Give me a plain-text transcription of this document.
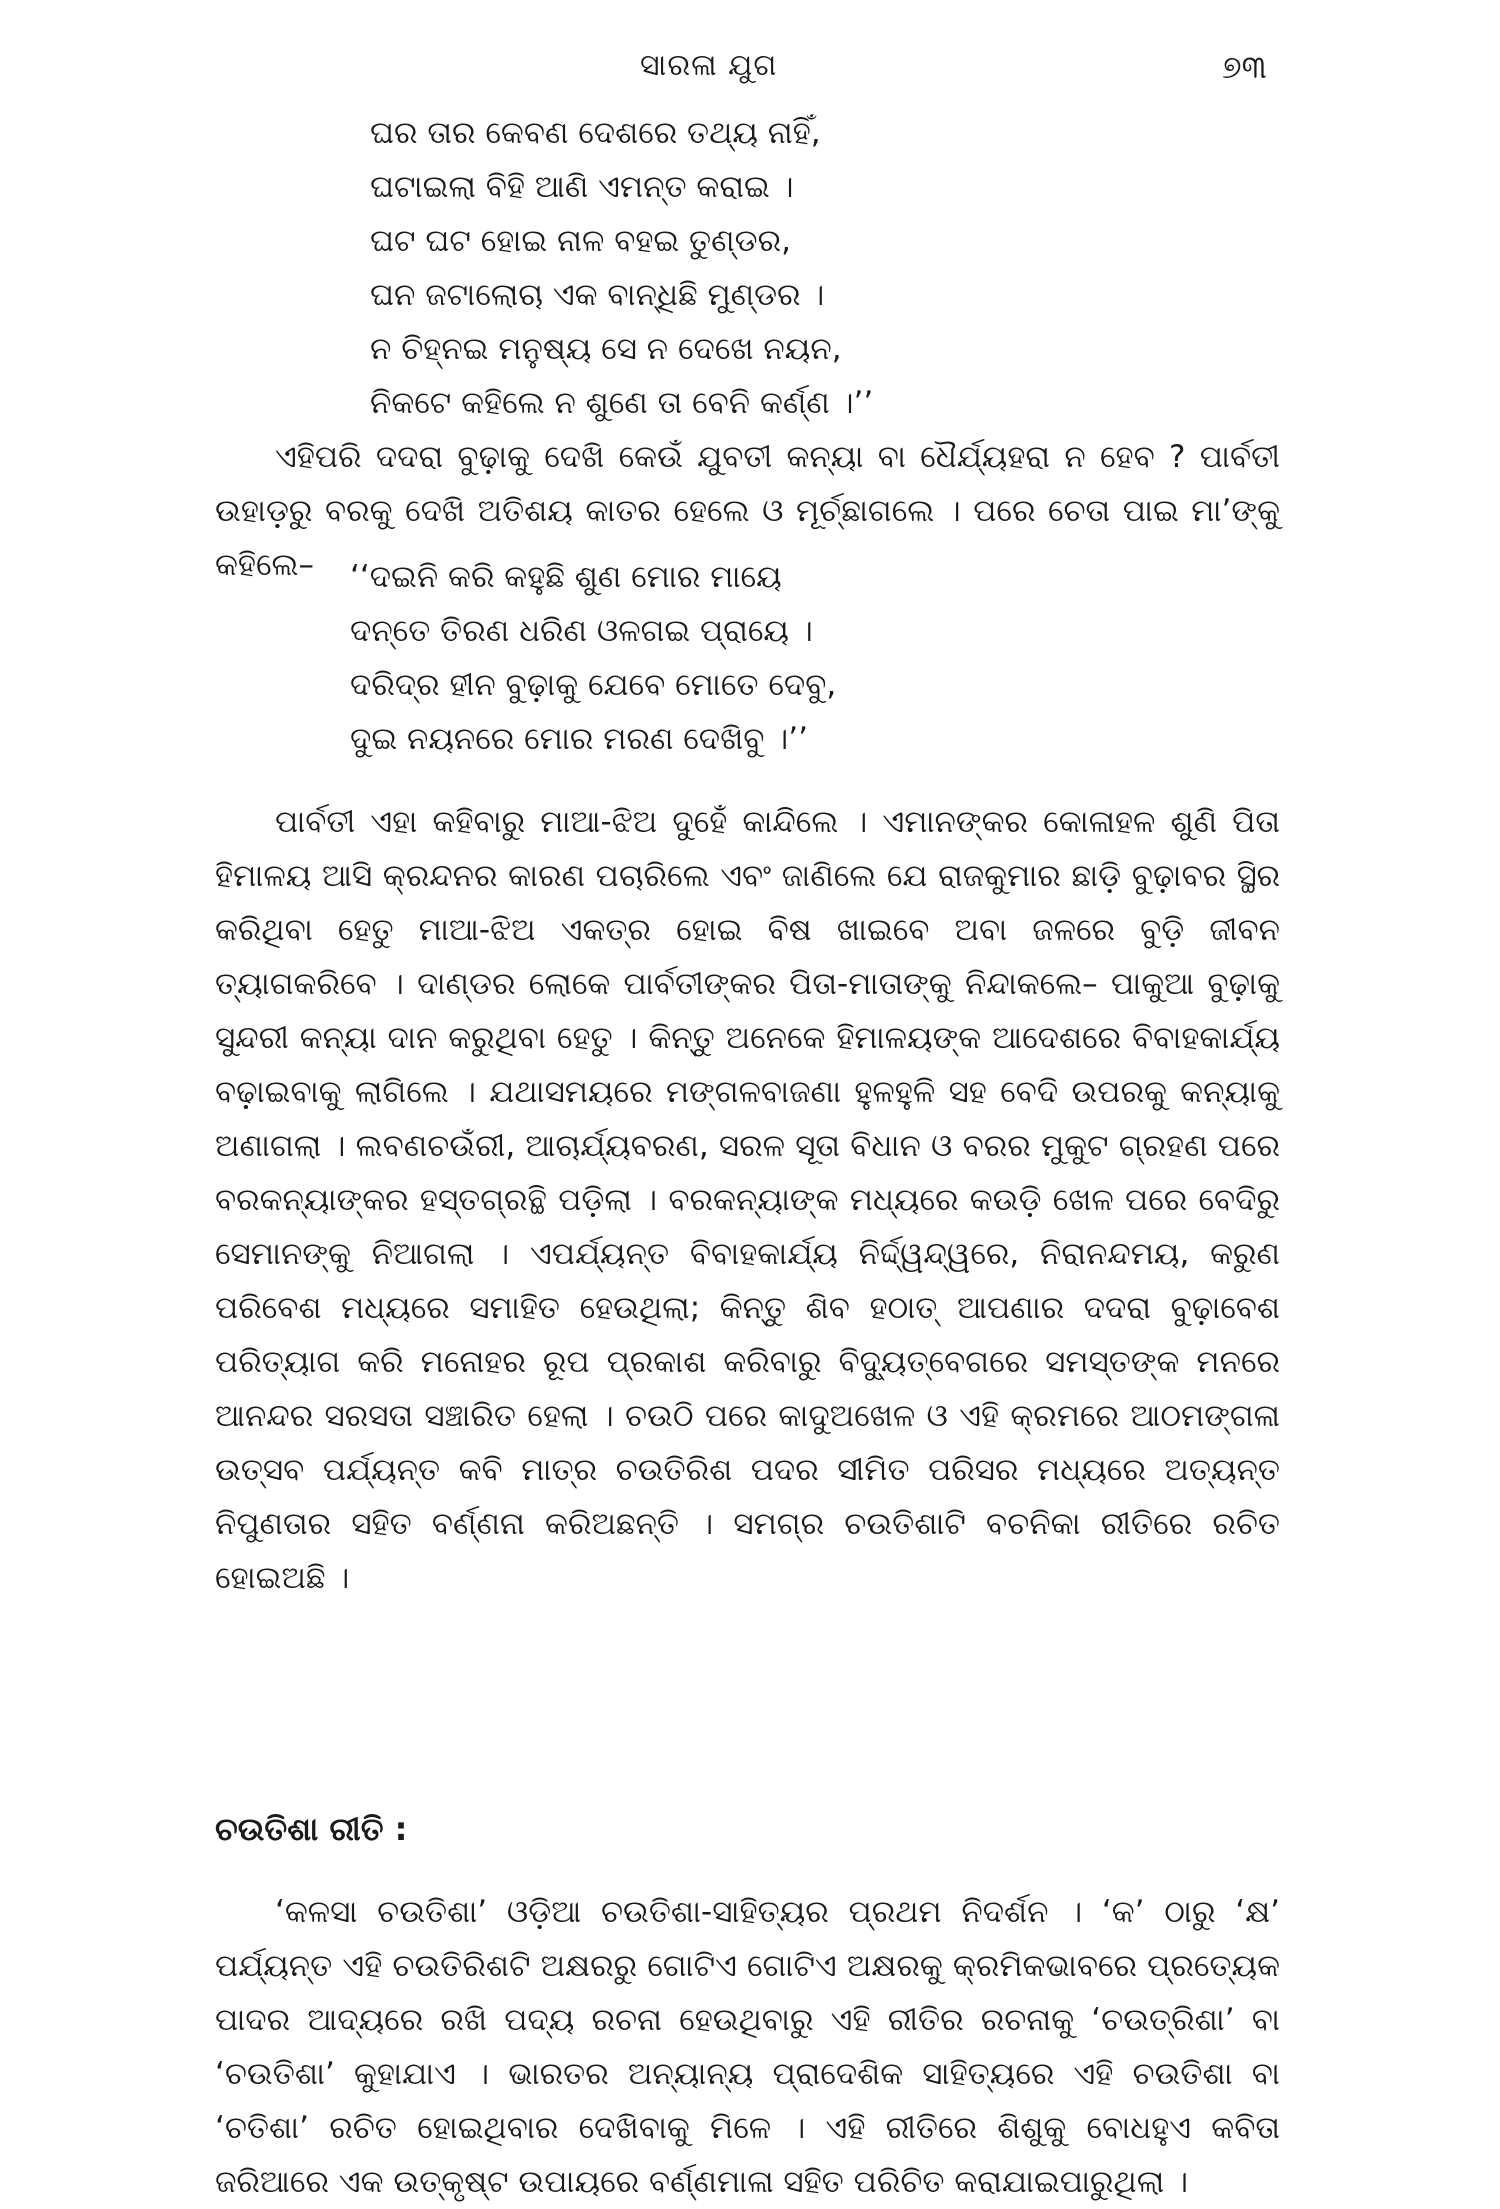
ସାରଳା ଯୁଗ	୭୩
ଘର ତାର କେବଣ ଦେଶରେ ତଥ୍ୟ ନାହିଁ,
ଘଟାଇଲା ବିହି ଆଣି ଏମନ୍ତ କରାଇ ।
ଘଟ ଘଟ ହୋଇ ନାଳ ବହଇ ତୁଣ୍ଡର,
ଘନ ଜଟାଲୋଚା ଏକ ବାନ୍ଧିଛି ମୁଣ୍ଡର ।
ନ ଚିହ୍ନଇ ମନୁଷ୍ୟ ସେ ନ ଦେଖେ ନୟନ,
ନିକଟେ କହିଲେ ନ ଶୁଣେ ତା ବେନି କର୍ଣ୍ଣ ।’’

ଏହିପରି ଦଦରା ବୁଢ଼ାକୁ ଦେଖି କେଉଁ ଯୁବତୀ କନ୍ୟା ବା ଧୈର୍ଯ୍ୟହରା ନ ହେବ ? ପାର୍ବତୀ ଉହାଡ଼ରୁ ବରକୁ ଦେଖି ଅତିଶୟ କାତର ହେଲେ ଓ ମୂର୍ଚ୍ଛାଗଲେ । ପରେ ଚେତା ପାଇ ମା’ଙ୍କୁ କହିଲେ–	‘‘ଦଇନି କରି କହୁଛି ଶୁଣ ମୋର ମାୟେ
ଦନ୍ତେ ତିରଣ ଧରିଣ ଓଳଗଇ ପ୍ରାୟେ ।
ଦରିଦ୍ର ହୀନ ବୁଢ଼ାକୁ ଯେବେ ମୋତେ ଦେବୁ,
ଦୁଇ ନୟନରେ ମୋର ମରଣ ଦେଖିବୁ ।’’

ପାର୍ବତୀ ଏହା କହିବାରୁ ମାଆ-ଝିଅ ଦୁହେଁ କାନ୍ଦିଲେ । ଏମାନଙ୍କର କୋଳାହଳ ଶୁଣି ପିତା ହିମାଳୟ ଆସି କ୍ରନ୍ଦନର କାରଣ ପଚାରିଲେ ଏବଂ ଜାଣିଲେ ଯେ ରାଜକୁମାର ଛାଡ଼ି ବୁଢ଼ାବର ସ୍ଥିର କରିଥିବା ହେତୁ ମାଆ-ଝିଅ ଏକତ୍ର ହୋଇ ବିଷ ଖାଇବେ ଅବା ଜଳରେ ବୁଡ଼ି ଜୀବନ ତ୍ୟାଗକରିବେ । ଦାଣ୍ଡର ଲୋକେ ପାର୍ବତୀଙ୍କର ପିତା-ମାତାଙ୍କୁ ନିନ୍ଦାକଲେ– ପାକୁଆ ବୁଢ଼ାକୁ ସୁନ୍ଦରୀ କନ୍ୟା ଦାନ କରୁଥିବା ହେତୁ । କିନ୍ତୁ ଅନେକେ ହିମାଳୟଙ୍କ ଆଦେଶରେ ବିବାହକାର୍ଯ୍ୟ ବଢ଼ାଇବାକୁ ଲାଗିଲେ । ଯଥାସମୟରେ ମଙ୍ଗଳବାଜଣା ହୁଳହୁଳି ସହ ବେଦି ଉପରକୁ କନ୍ୟାକୁ ଅଣାଗଲା । ଲବଣଚଉଁରୀ, ଆଚାର୍ଯ୍ୟବରଣ, ସରଳ ସୂତା ବିଧାନ ଓ ବରର ମୁକୁଟ ଗ୍ରହଣ ପରେ ବରକନ୍ୟାଙ୍କର ହସ୍ତଗ୍ରନ୍ଥି ପଡ଼ିଲା । ବରକନ୍ୟାଙ୍କ ମଧ୍ୟରେ କଉଡ଼ି ଖେଳ ପରେ ବେଦିରୁ ସେମାନଙ୍କୁ ନିଆଗଲା । ଏପର୍ଯ୍ୟନ୍ତ ବିବାହକାର୍ଯ୍ୟ ନିର୍ଦ୍ଦ୍ୱନ୍ଦ୍ୱରେ, ନିରାନନ୍ଦମୟ, କରୁଣ ପରିବେଶ ମଧ୍ୟରେ ସମାହିତ ହେଉଥିଲା; କିନ୍ତୁ ଶିବ ହଠାତ୍ ଆପଣାର ଦଦରା ବୁଢ଼ାବେଶ ପରିତ୍ୟାଗ କରି ମନୋହର ରୂପ ପ୍ରକାଶ କରିବାରୁ ବିଦ୍ୟୁତ୍‌ବେଗରେ ସମସ୍ତଙ୍କ ମନରେ ଆନନ୍ଦର ସରସତା ସଞ୍ଚାରିତ ହେଲା । ଚଉଠି ପରେ କାଦୁଅଖେଳ ଓ ଏହି କ୍ରମରେ ଆଠମଙ୍ଗଳା ଉତ୍ସବ ପର୍ଯ୍ୟନ୍ତ କବି ମାତ୍ର ଚଉତିରିଶ ପଦର ସୀମିତ ପରିସର ମଧ୍ୟରେ ଅତ୍ୟନ୍ତ ନିପୁଣତାର ସହିତ ବର୍ଣ୍ଣନା କରିଅଛନ୍ତି । ସମଗ୍ର ଚଉତିଶାଟି ବଚନିକା ରୀତିରେ ରଚିତ ହୋଇଅଛି ।

ଚଉତିଶା ରୀତି :

‘କଳସା ଚଉତିଶା’ ଓଡ଼ିଆ ଚଉତିଶା-ସାହିତ୍ୟର ପ୍ରଥମ ନିଦର୍ଶନ । ‘କ’ ଠାରୁ ‘କ୍ଷ’ ପର୍ଯ୍ୟନ୍ତ ଏହି ଚଉତିରିଶଟି ଅକ୍ଷରରୁ ଗୋଟିଏ ଗୋଟିଏ ଅକ୍ଷରକୁ କ୍ରମିକଭାବରେ ପ୍ରତ୍ୟେକ ପାଦର ଆଦ୍ୟରେ ରଖି ପଦ୍ୟ ରଚନା ହେଉଥିବାରୁ ଏହି ରୀତିର ରଚନାକୁ ‘ଚଉତ୍ରିଶା’ ବା ‘ଚଉତିଶା’ କୁହାଯାଏ । ଭାରତର ଅନ୍ୟାନ୍ୟ ପ୍ରାଦେଶିକ ସାହିତ୍ୟରେ ଏହି ଚଉତିଶା ବା ‘ଚତିଶା’ ରଚିତ ହୋଇଥିବାର ଦେଖିବାକୁ ମିଳେ । ଏହି ରୀତିରେ ଶିଶୁକୁ ବୋଧହୁଏ କବିତା ଜରିଆରେ ଏକ ଉତ୍କୃଷ୍ଟ ଉପାୟରେ ବର୍ଣ୍ଣମାଳା ସହିତ ପରିଚିତ କରାଯାଇପାରୁଥିଲା ।
